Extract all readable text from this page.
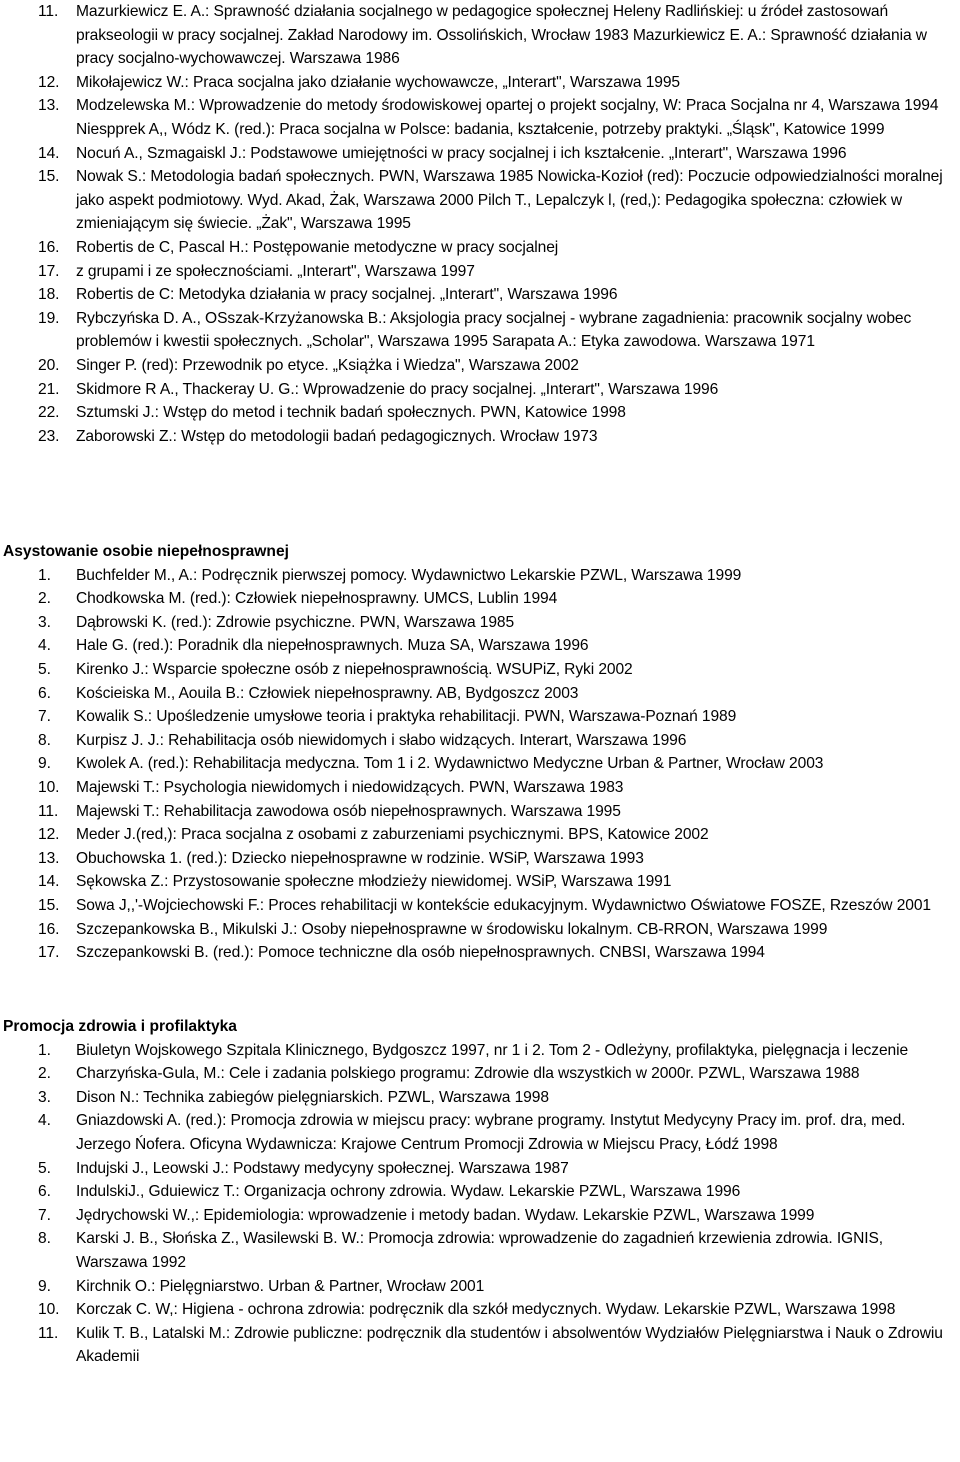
11. Mazurkiewicz E. A.: Sprawność działania socjalnego w pedagogice społecznej Heleny Radlińskiej: u źródeł zastosowań prakseologii w pracy socjalnej. Zakład Narodowy im. Ossolińskich, Wrocław 1983 Mazurkiewicz E. A.: Sprawność działania w pracy socjalno-wychowawczej. Warszawa 1986
12. Mikołajewicz W.: Praca socjalna jako działanie wychowawcze, „Interart", Warszawa 1995
13. Modzelewska M.: Wprowadzenie do metody środowiskowej opartej o projekt socjalny, W: Praca Socjalna nr 4, Warszawa 1994 Niespprek A,, Wódz K. (red.): Praca socjalna w Polsce: badania, kształcenie, potrzeby praktyki. „Śląsk", Katowice 1999
14. Nocuń A., Szmagaiskl J.: Podstawowe umiejętności w pracy socjalnej i ich kształcenie. „Interart", Warszawa 1996
15. Nowak S.: Metodologia badań społecznych. PWN, Warszawa 1985 Nowicka-Kozioł (red): Poczucie odpowiedzialności moralnej jako aspekt podmiotowy. Wyd. Akad, Żak, Warszawa 2000 Pilch T., Lepalczyk l, (red,): Pedagogika społeczna: człowiek w zmieniającym się świecie. „Żak", Warszawa 1995
16. Robertis de C, Pascal H.: Postępowanie metodyczne w pracy socjalnej
17. z grupami i ze społecznościami. „Interart", Warszawa 1997
18. Robertis de C: Metodyka działania w pracy socjalnej. „Interart", Warszawa 1996
19. Rybczyńska D. A., OSszak-Krzyżanowska B.: Aksjologia pracy socjalnej - wybrane zagadnienia: pracownik socjalny wobec problemów i kwestii społecznych. „Scholar", Warszawa 1995 Sarapata A.: Etyka zawodowa. Warszawa 1971
20. Singer P. (red): Przewodnik po etyce. „Książka i Wiedza", Warszawa 2002
21. Skidmore R A., Thackeray U. G.: Wprowadzenie do pracy socjalnej. „Interart", Warszawa 1996
22. Sztumski J.: Wstęp do metod i technik badań społecznych. PWN, Katowice 1998
23. Zaborowski Z.: Wstęp do metodologii badań pedagogicznych. Wrocław 1973
Asystowanie osobie niepełnosprawnej
1. Buchfelder M., A.: Podręcznik pierwszej pomocy. Wydawnictwo Lekarskie PZWL, Warszawa 1999
2. Chodkowska M. (red.): Człowiek niepełnosprawny. UMCS, Lublin 1994
3. Dąbrowski K. (red.): Zdrowie psychiczne. PWN, Warszawa 1985
4. Hale G. (red.): Poradnik dla niepełnosprawnych. Muza SA, Warszawa 1996
5. Kirenko J.: Wsparcie społeczne osób z niepełnosprawnością. WSUPiZ, Ryki 2002
6. Kościeiska M., Aouila B.: Człowiek niepełnosprawny. AB, Bydgoszcz 2003
7. Kowalik S.: Upośledzenie umysłowe teoria i praktyka rehabilitacji. PWN, Warszawa-Poznań 1989
8. Kurpisz J. J.: Rehabilitacja osób niewidomych i słabo widzących. Interart, Warszawa 1996
9. Kwolek A. (red.): Rehabilitacja medyczna. Tom 1 i 2. Wydawnictwo Medyczne Urban & Partner, Wrocław 2003
10. Majewski T.: Psychologia niewidomych i niedowidzących. PWN, Warszawa 1983
11. Majewski T.: Rehabilitacja zawodowa osób niepełnosprawnych. Warszawa 1995
12. Meder J.(red,): Praca socjalna z osobami z zaburzeniami psychicznymi. BPS, Katowice 2002
13. Obuchowska 1. (red.): Dziecko niepełnosprawne w rodzinie. WSiP, Warszawa 1993
14. Sękowska Z.: Przystosowanie społeczne młodzieży niewidomej. WSiP, Warszawa 1991
15. Sowa J,,'-Wojciechowski F.: Proces rehabilitacji w kontekście edukacyjnym. Wydawnictwo Oświatowe FOSZE, Rzeszów 2001
16. Szczepankowska B., Mikulski J.: Osoby niepełnosprawne w środowisku lokalnym. CB-RRON, Warszawa 1999
17. Szczepankowski B. (red.): Pomoce techniczne dla osób niepełnosprawnych. CNBSI, Warszawa 1994
Promocja zdrowia i profilaktyka
1. Biuletyn Wojskowego Szpitala Klinicznego, Bydgoszcz 1997, nr 1 i 2. Tom 2 - Odleżyny, profilaktyka, pielęgnacja i leczenie
2. Charzyńska-Gula, M.: Cele i zadania polskiego programu: Zdrowie dla wszystkich w 2000r. PZWL, Warszawa 1988
3. Dison N.: Technika zabiegów pielęgniarskich. PZWL, Warszawa 1998
4. Gniazdowski A. (red.): Promocja zdrowia w miejscu pracy: wybrane programy. Instytut Medycyny Pracy im. prof. dra, med. Jerzego Ńofera. Oficyna Wydawnicza: Krajowe Centrum Promocji Zdrowia w Miejscu Pracy, Łódź 1998
5. Indujski J., Leowski J.: Podstawy medycyny społecznej. Warszawa 1987
6. IndulskiJ., Gduiewicz T.: Organizacja ochrony zdrowia. Wydaw. Lekarskie PZWL, Warszawa 1996
7. Jędrychowski W.,: Epidemiologia: wprowadzenie i metody badan. Wydaw. Lekarskie PZWL, Warszawa 1999
8. Karski J. B., Słońska Z., Wasilewski B. W.: Promocja zdrowia: wprowadzenie do zagadnień krzewienia zdrowia. IGNIS, Warszawa 1992
9. Kirchnik O.: Pielęgniarstwo. Urban & Partner, Wrocław 2001
10. Korczak C. W,: Higiena - ochrona zdrowia: podręcznik dla szkół medycznych. Wydaw. Lekarskie PZWL, Warszawa 1998
11. Kulik T. B., Latalski M.: Zdrowie publiczne: podręcznik dla studentów i absolwentów Wydziałów Pielęgniarstwa i Nauk o Zdrowiu Akademii
